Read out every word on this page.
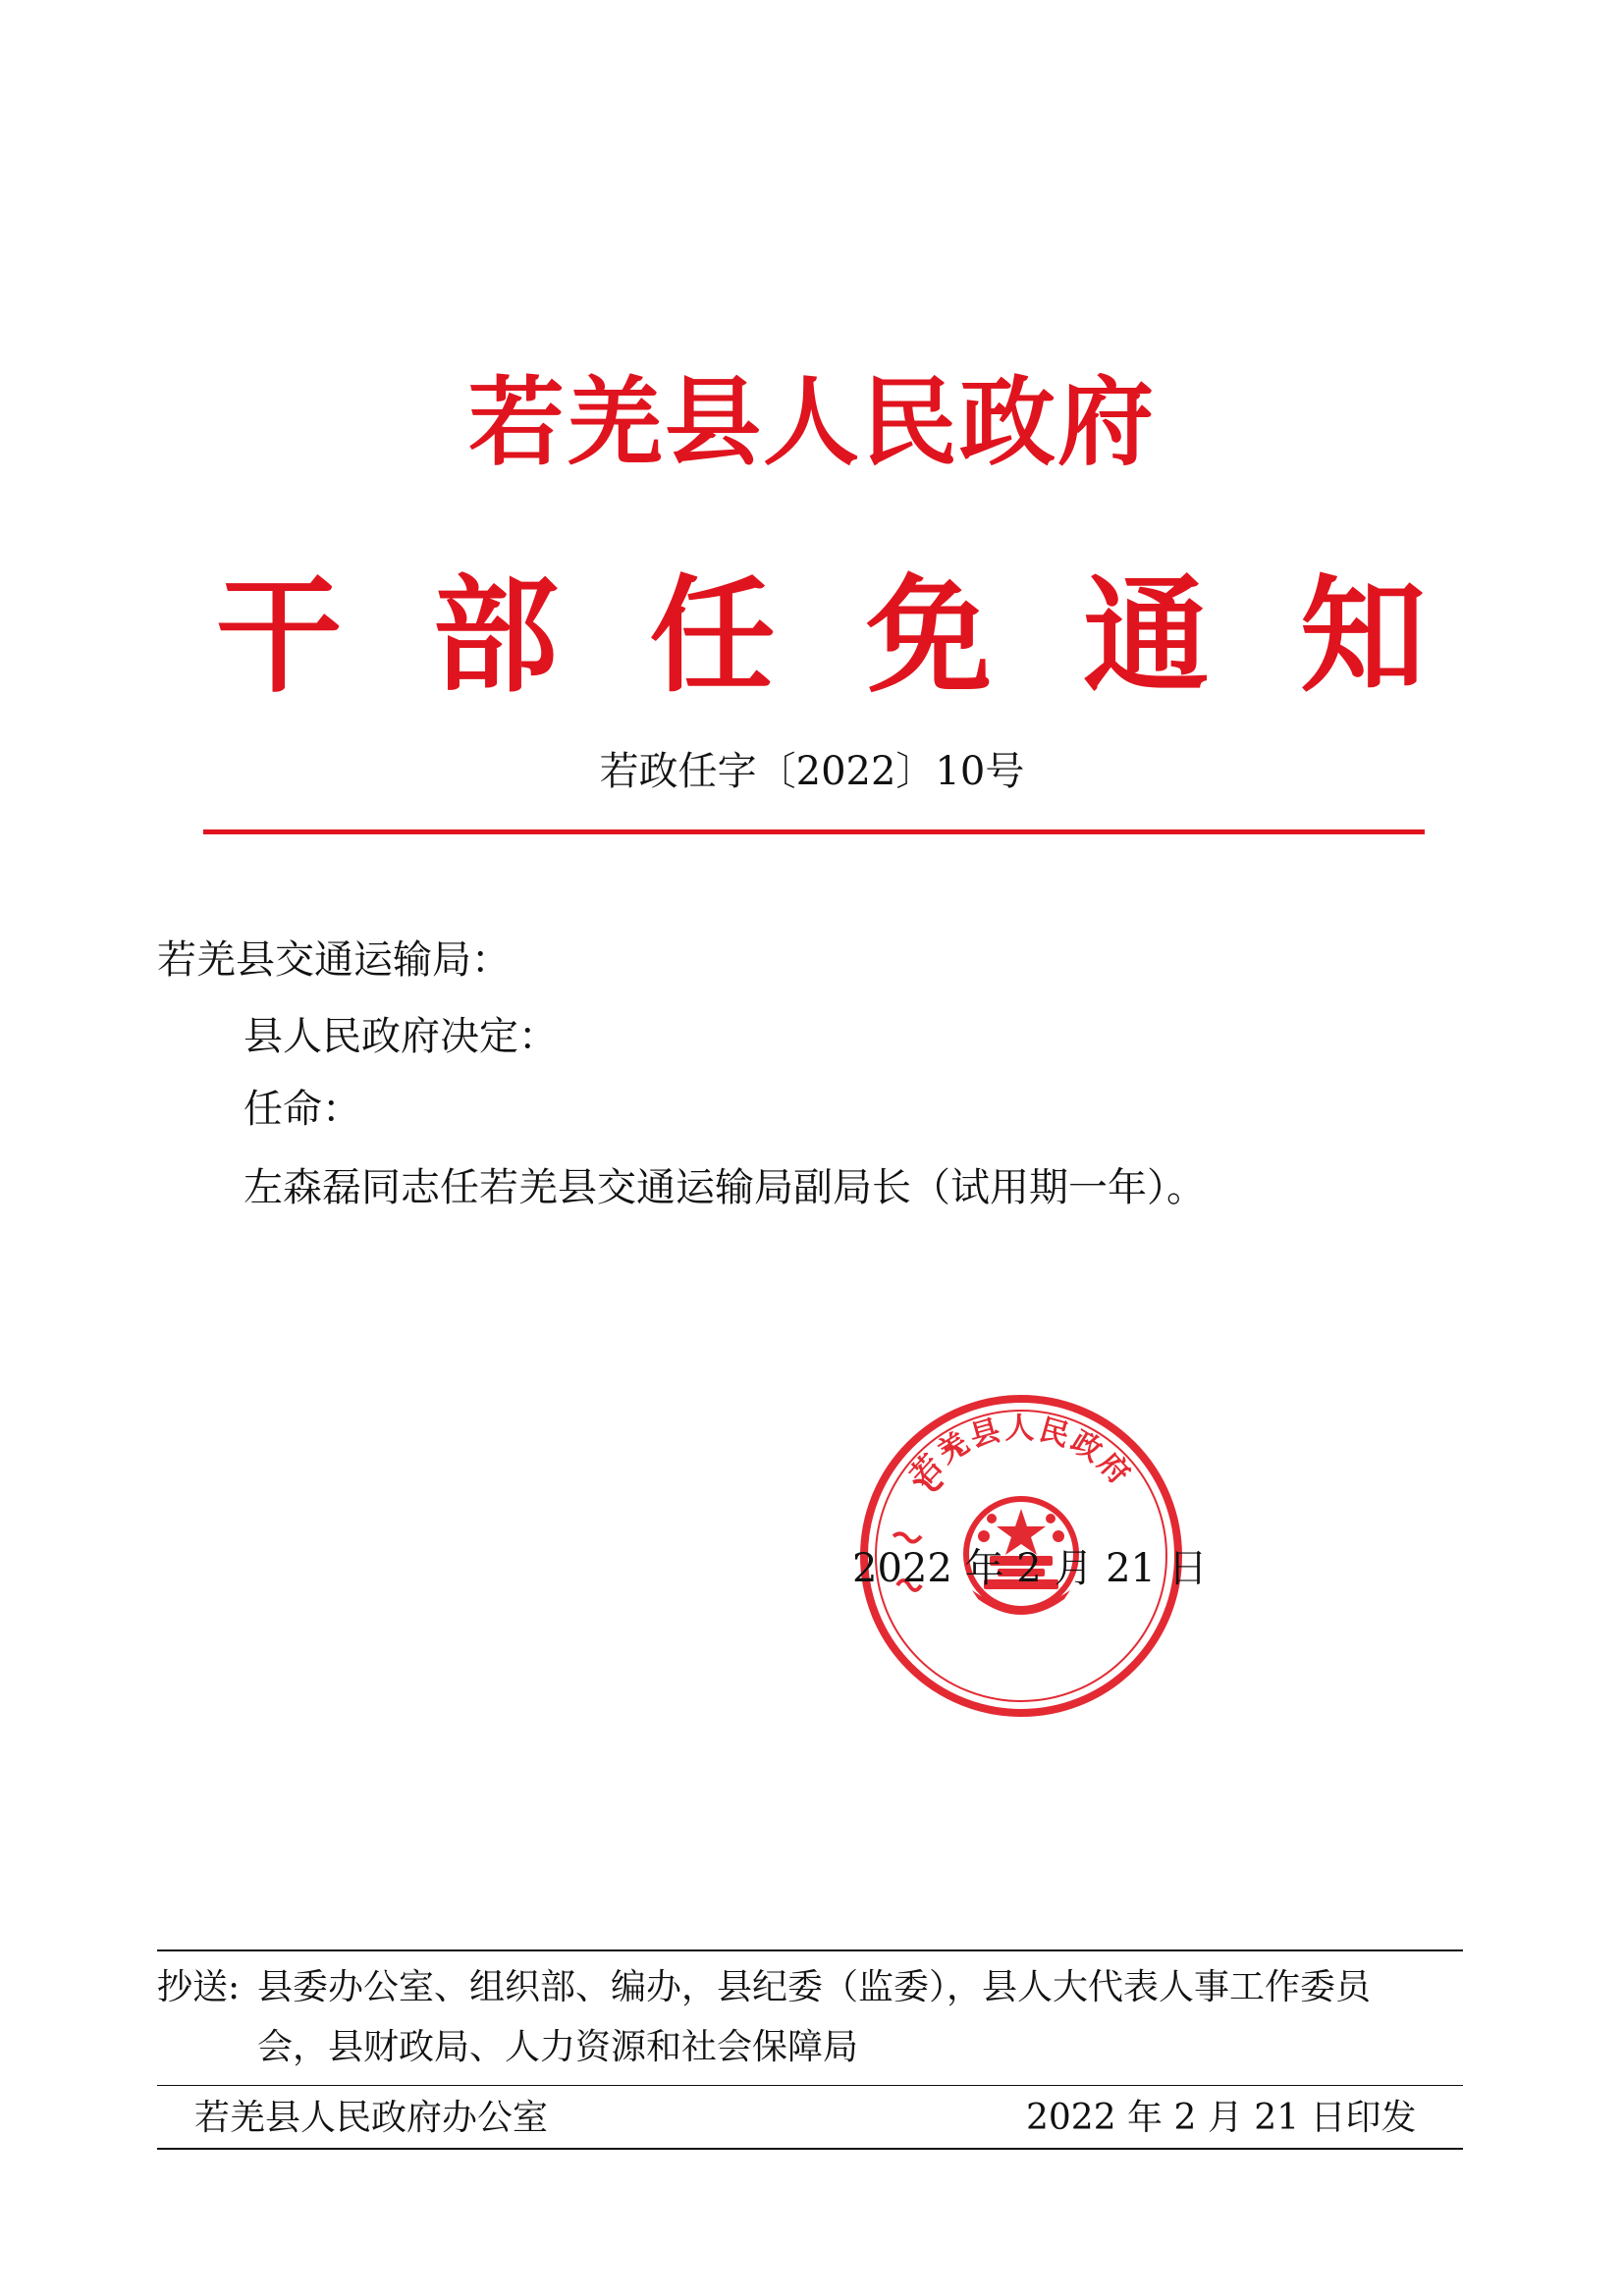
若羌县人民政府
干 部 任 免 通 知
若政任字〔2022〕10号
若羌县交通运输局：
县人民政府决定：
任命：
左森磊同志任若羌县交通运输局副局长（试用期一年）。
若羌县人民政府
2022 年 2 月 21 日
抄送: 县委办公室、组织部、编办，县纪委（监委），县人大代表人事工作委员
会，县财政局、人力资源和社会保障局
若羌县人民政府办公室	2022 年 2 月 21 日印发
